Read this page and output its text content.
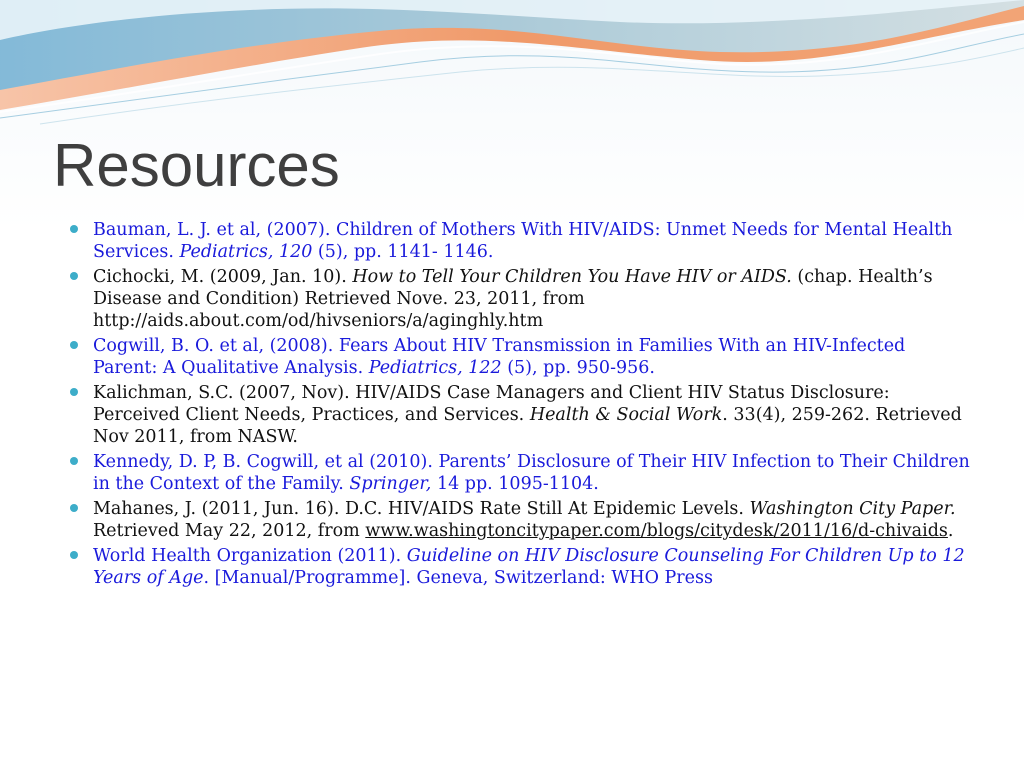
Resources
Bauman, L. J. et al, (2007). Children of Mothers With HIV/AIDS: Unmet Needs for Mental Health Services. Pediatrics, 120 (5), pp. 1141- 1146.
Cichocki, M. (2009, Jan. 10). How to Tell Your Children You Have HIV or AIDS. (chap. Health’s Disease and Condition) Retrieved Nove. 23, 2011, from http://aids.about.com/od/hivseniors/a/aginghly.htm
Cogwill, B. O. et al, (2008). Fears About HIV Transmission in Families With an HIV-Infected Parent: A Qualitative Analysis. Pediatrics, 122 (5), pp. 950-956.
Kalichman, S.C. (2007, Nov). HIV/AIDS Case Managers and Client HIV Status Disclosure: Perceived Client Needs, Practices, and Services. Health & Social Work. 33(4), 259-262. Retrieved Nov 2011, from NASW.
Kennedy, D. P, B. Cogwill, et al (2010). Parents’ Disclosure of Their HIV Infection to Their Children in the Context of the Family. Springer, 14 pp. 1095-1104.
Mahanes, J. (2011, Jun. 16). D.C. HIV/AIDS Rate Still At Epidemic Levels. Washington City Paper. Retrieved May 22, 2012, from www.washingtoncitypaper.com/blogs/citydesk/2011/16/d-chivaids.
World Health Organization (2011). Guideline on HIV Disclosure Counseling For Children Up to 12 Years of Age. [Manual/Programme]. Geneva, Switzerland: WHO Press
